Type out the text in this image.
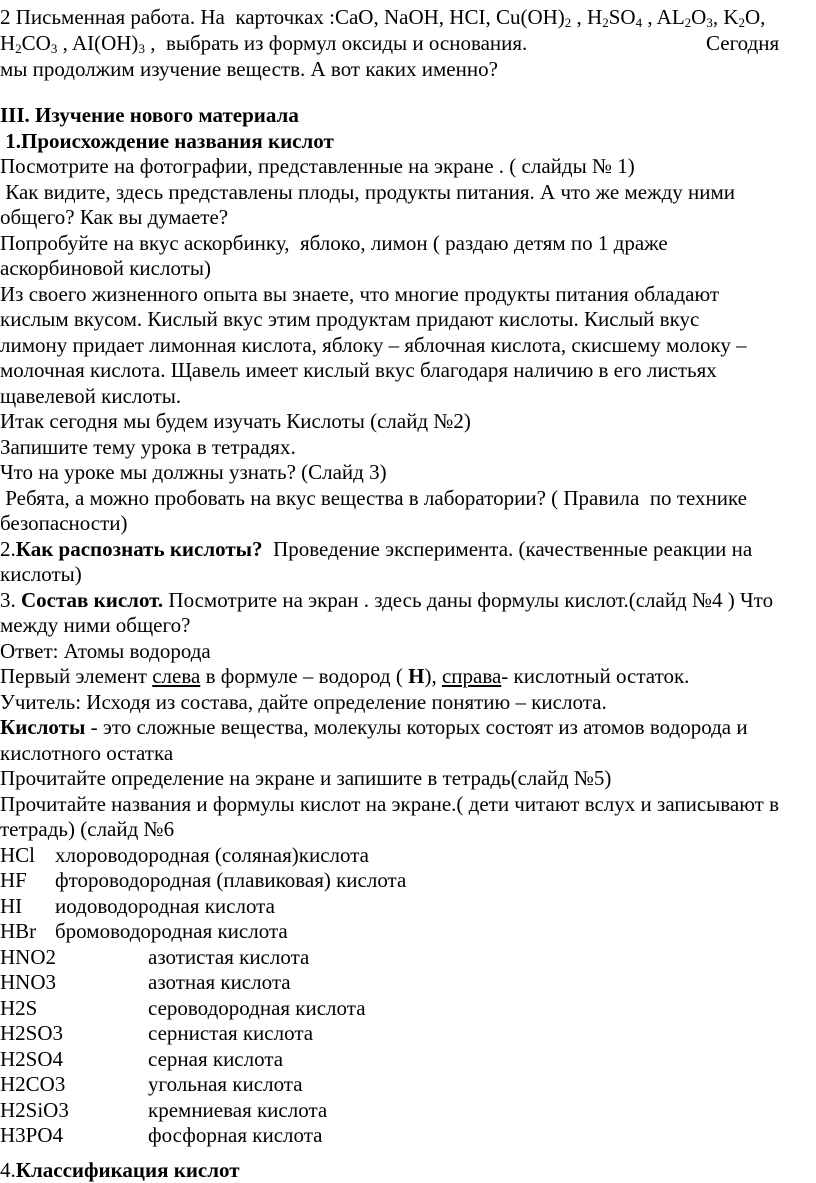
2 Письменная работа. На  карточках :CaO, NaOH, HCI, $Cu(OH)_2$ , $H_2SO_4$ , $AL_2O_3$, $K_2O$,
$H_2CO_3$ , $AI(OH)_3$ ,  выбрать из формул оксиды и основания.	Сегодня
мы продолжим изучение веществ. А вот каких именно?
III. Изучение нового материала
1.Происхождение названия кислот
Посмотрите на фотографии, представленные на экране . ( слайды № 1)
Как видите, здесь представлены плоды, продукты питания. А что же между ними
общего? Как вы думаете?
Попробуйте на вкус аскорбинку,  яблоко, лимон ( раздаю детям по 1 драже
аскорбиновой кислоты)
Из своего жизненного опыта вы знаете, что многие продукты питания обладают
кислым вкусом. Кислый вкус этим продуктам придают кислоты. Кислый вкус
лимону придает лимонная кислота, яблоку – яблочная кислота, скисшему молоку –
молочная кислота. Щавель имеет кислый вкус благодаря наличию в его листьях
щавелевой кислоты.
Итак сегодня мы будем изучать Кислоты (слайд №2)
Запишите тему урока в тетрадях.
Что на уроке мы должны узнать? (Слайд 3)
Ребята, а можно пробовать на вкус вещества в лаборатории? ( Правила  по технике
безопасности)
2.Как распознать кислоты?  Проведение эксперимента. (качественные реакции на
кислоты)
3. Состав кислот. Посмотрите на экран . здесь даны формулы кислот.(слайд №4 ) Что
между ними общего?
Ответ: Атомы водорода
Первый элемент слева в формуле – водород ( H), справа- кислотный остаток.
Учитель: Исходя из состава, дайте определение понятию – кислота.
Кислоты - это сложные вещества, молекулы которых состоят из атомов водорода и
кислотного остатка
Прочитайте определение на экране и запишите в тетрадь(слайд №5)
Прочитайте названия и формулы кислот на экране.( дети читают вслух и записывают в
тетрадь) (слайд №6
HCl хлороводородная (соляная)кислота
HF фтороводородная (плавиковая) кислота
HI иодоводородная кислота
HBr бромоводородная кислота
HNO2	азотистая кислота
HNO3	азотная кислота
H2S	сероводородная кислота
H2SO3	сернистая кислота
H2SO4	серная кислота
H2CO3	угольная кислота
H2SiO3	кремниевая кислота
H3PO4	фосфорная кислота
4.Классификация кислот
